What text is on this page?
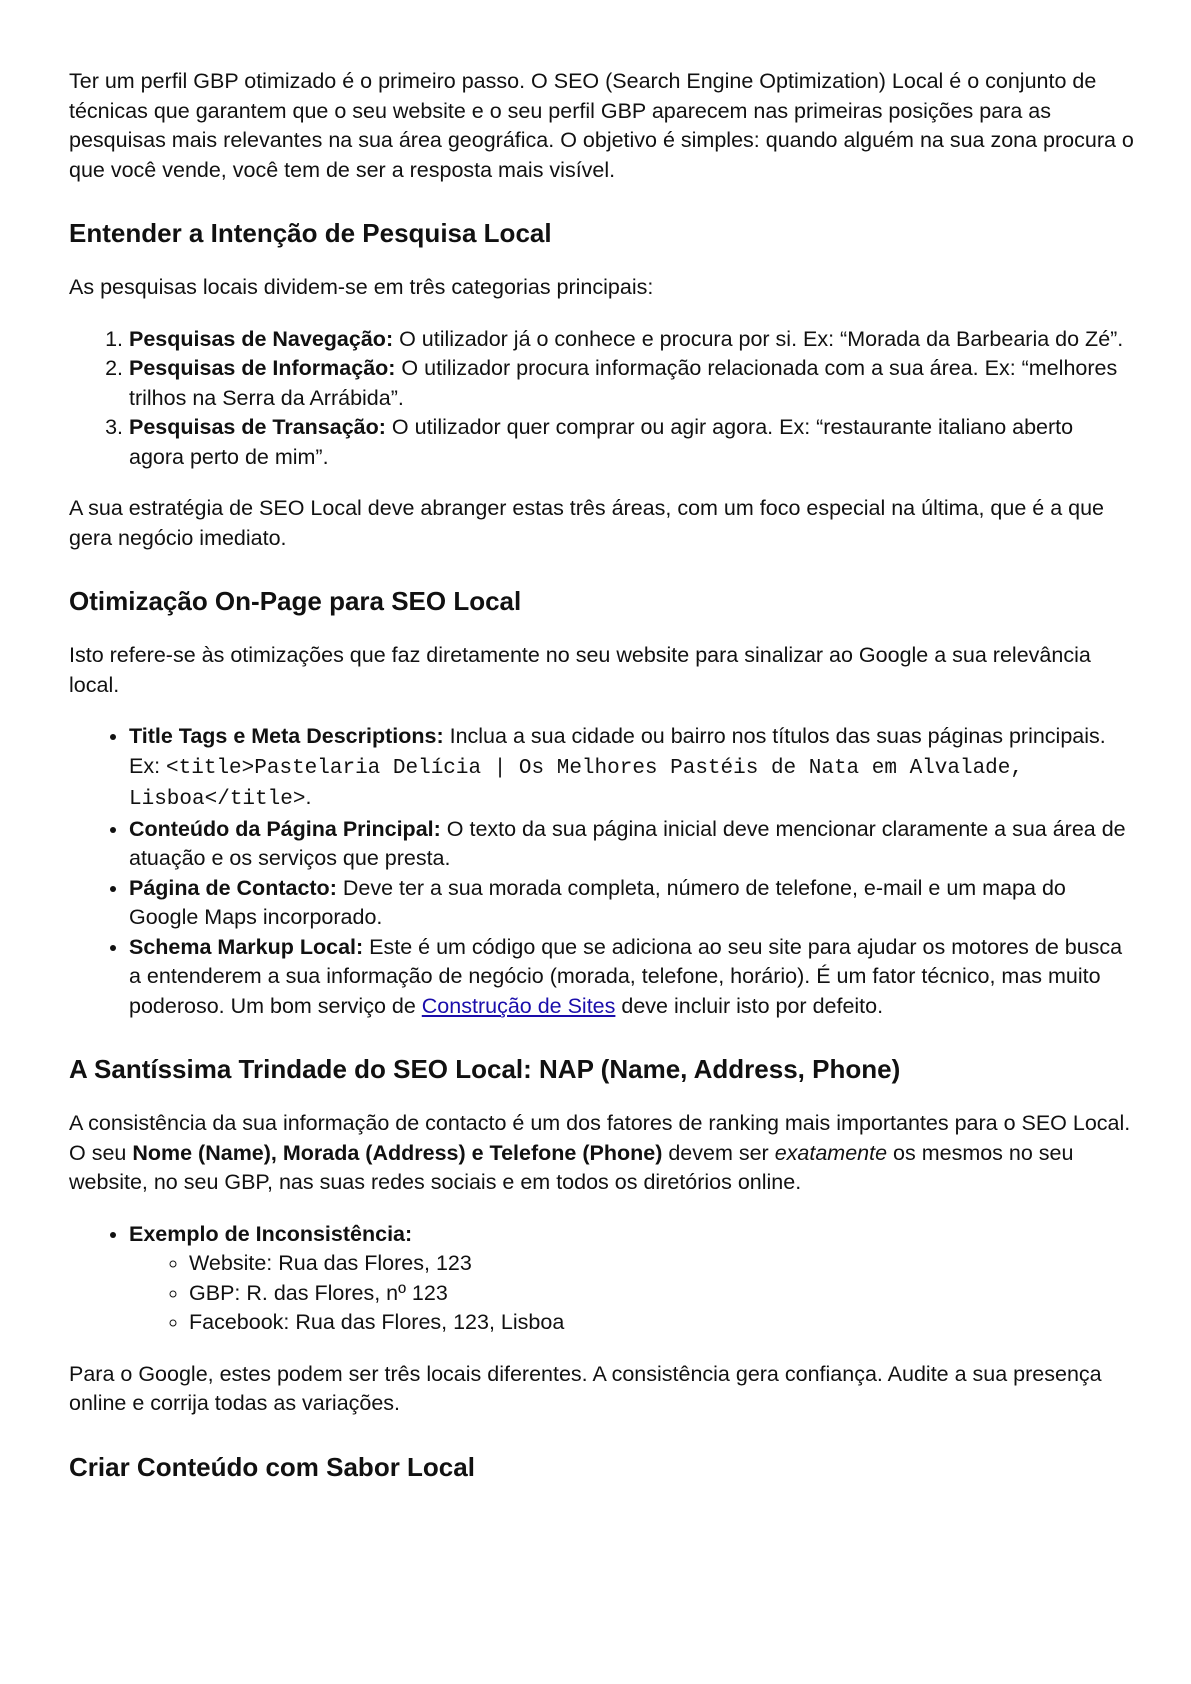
Ter um perfil GBP otimizado é o primeiro passo. O SEO (Search Engine Optimization) Local é o conjunto de técnicas que garantem que o seu website e o seu perfil GBP aparecem nas primeiras posições para as pesquisas mais relevantes na sua área geográfica. O objetivo é simples: quando alguém na sua zona procura o que você vende, você tem de ser a resposta mais visível.

Entender a Intenção de Pesquisa Local

As pesquisas locais dividem-se em três categorias principais:

1. Pesquisas de Navegação: O utilizador já o conhece e procura por si. Ex: “Morada da Barbearia do Zé”.
2. Pesquisas de Informação: O utilizador procura informação relacionada com a sua área. Ex: “melhores trilhos na Serra da Arrábida”.
3. Pesquisas de Transação: O utilizador quer comprar ou agir agora. Ex: “restaurante italiano aberto agora perto de mim”.

A sua estratégia de SEO Local deve abranger estas três áreas, com um foco especial na última, que é a que gera negócio imediato.

Otimização On-Page para SEO Local

Isto refere-se às otimizações que faz diretamente no seu website para sinalizar ao Google a sua relevância local.

• Title Tags e Meta Descriptions: Inclua a sua cidade ou bairro nos títulos das suas páginas principais. Ex: <title>Pastelaria Delícia | Os Melhores Pastéis de Nata em Alvalade, Lisboa</title>.
• Conteúdo da Página Principal: O texto da sua página inicial deve mencionar claramente a sua área de atuação e os serviços que presta.
• Página de Contacto: Deve ter a sua morada completa, número de telefone, e-mail e um mapa do Google Maps incorporado.
• Schema Markup Local: Este é um código que se adiciona ao seu site para ajudar os motores de busca a entenderem a sua informação de negócio (morada, telefone, horário). É um fator técnico, mas muito poderoso. Um bom serviço de Construção de Sites deve incluir isto por defeito.
A Santíssima Trindade do SEO Local: NAP (Name, Address, Phone)

A consistência da sua informação de contacto é um dos fatores de ranking mais importantes para o SEO Local. O seu Nome (Name), Morada (Address) e Telefone (Phone) devem ser exatamente os mesmos no seu website, no seu GBP, nas suas redes sociais e em todos os diretórios online.

• Exemplo de Inconsistência:
◦ Website: Rua das Flores, 123
◦ GBP: R. das Flores, nº 123
◦ Facebook: Rua das Flores, 123, Lisboa

Para o Google, estes podem ser três locais diferentes. A consistência gera confiança. Audite a sua presença online e corrija todas as variações.

Criar Conteúdo com Sabor Local
